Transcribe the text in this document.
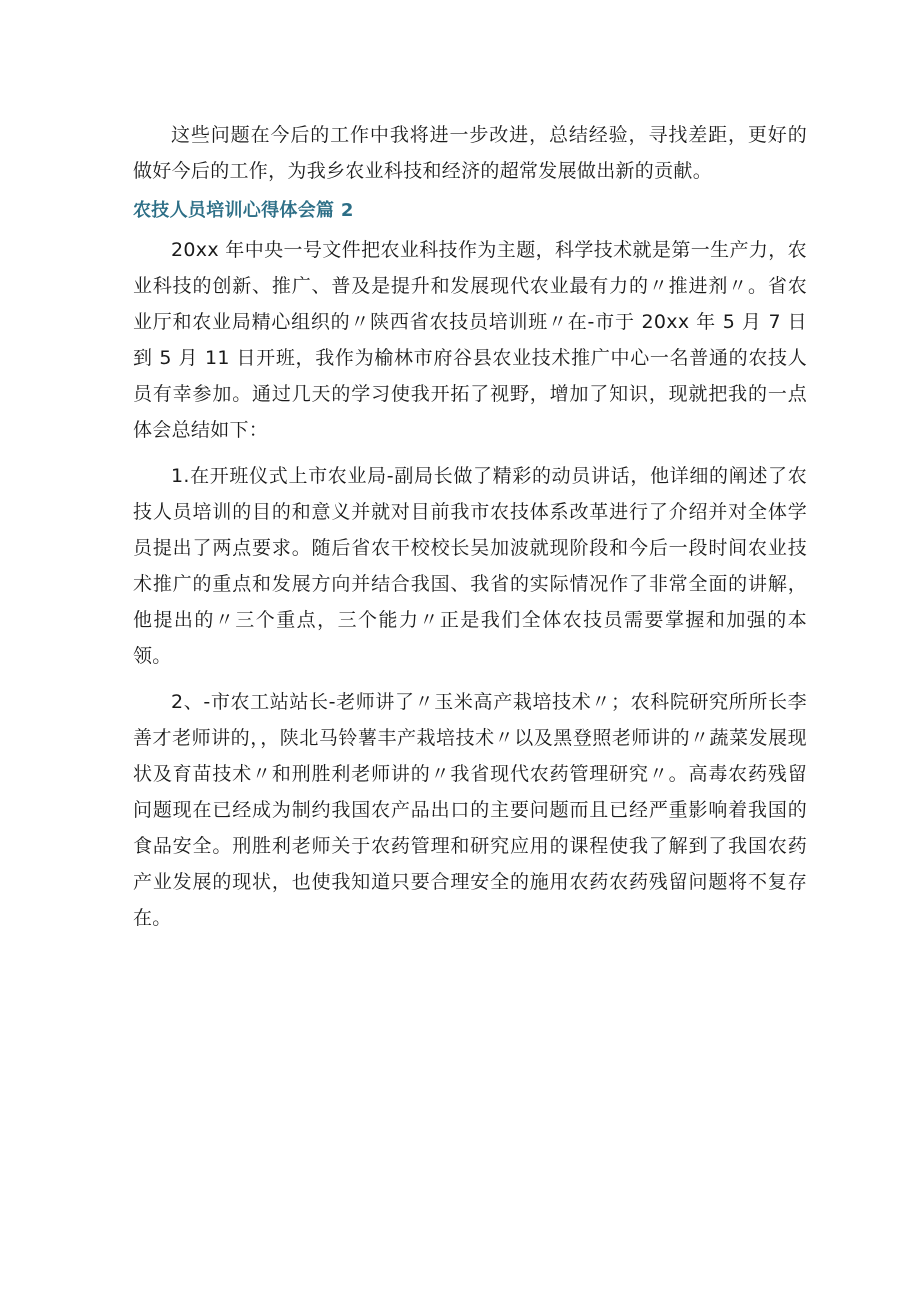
这些问题在今后的工作中我将进一步改进，总结经验，寻找差距，更好的做好今后的工作，为我乡农业科技和经济的超常发展做出新的贡献。

农技人员培训心得体会篇 2

20xx 年中央一号文件把农业科技作为主题，科学技术就是第一生产力，农业科技的创新、推广、普及是提升和发展现代农业最有力的〃推进剂〃。省农业厅和农业局精心组织的〃陕西省农技员培训班〃在-市于 20xx 年 5 月 7 日到 5 月 11 日开班，我作为榆林市府谷县农业技术推广中心一名普通的农技人员有幸参加。通过几天的学习使我开拓了视野，增加了知识，现就把我的一点体会总结如下：

1.在开班仪式上市农业局-副局长做了精彩的动员讲话，他详细的阐述了农技人员培训的目的和意义并就对目前我市农技体系改革进行了介绍并对全体学员提出了两点要求。随后省农干校校长吴加波就现阶段和今后一段时间农业技术推广的重点和发展方向并结合我国、我省的实际情况作了非常全面的讲解，他提出的〃三个重点，三个能力〃正是我们全体农技员需要掌握和加强的本领。

2、-市农工站站长-老师讲了〃玉米高产栽培技术〃；农科院研究所所长李善才老师讲的，，陕北马铃薯丰产栽培技术〃以及黑登照老师讲的〃蔬菜发展现状及育苗技术〃和刑胜利老师讲的〃我省现代农药管理研究〃。高毒农药残留问题现在已经成为制约我国农产品出口的主要问题而且已经严重影响着我国的食品安全。刑胜利老师关于农药管理和研究应用的课程使我了解到了我国农药产业发展的现状，也使我知道只要合理安全的施用农药农药残留问题将不复存在。
